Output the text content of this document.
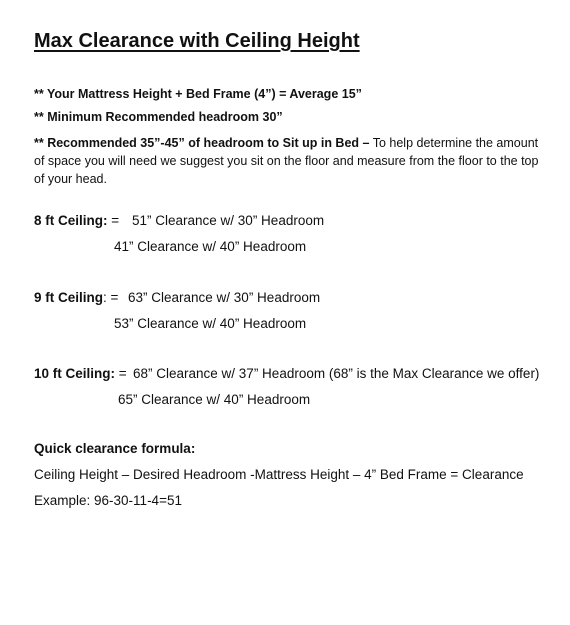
Max Clearance with Ceiling Height
** Your Mattress Height + Bed Frame (4”) = Average 15”
** Minimum Recommended headroom 30”
** Recommended 35”-45” of headroom to Sit up in Bed – To help determine the amount of space you will need we suggest you sit on the floor and measure from the floor to the top of your head.
8 ft Ceiling: = 51” Clearance w/ 30” Headroom
41” Clearance w/ 40” Headroom
9 ft Ceiling: = 63” Clearance w/ 30” Headroom
53” Clearance w/ 40” Headroom
10 ft Ceiling: = 68” Clearance w/ 37” Headroom (68” is the Max Clearance we offer)
65” Clearance w/ 40” Headroom
Quick clearance formula:
Ceiling Height – Desired Headroom -Mattress Height – 4” Bed Frame = Clearance
Example: 96-30-11-4=51
